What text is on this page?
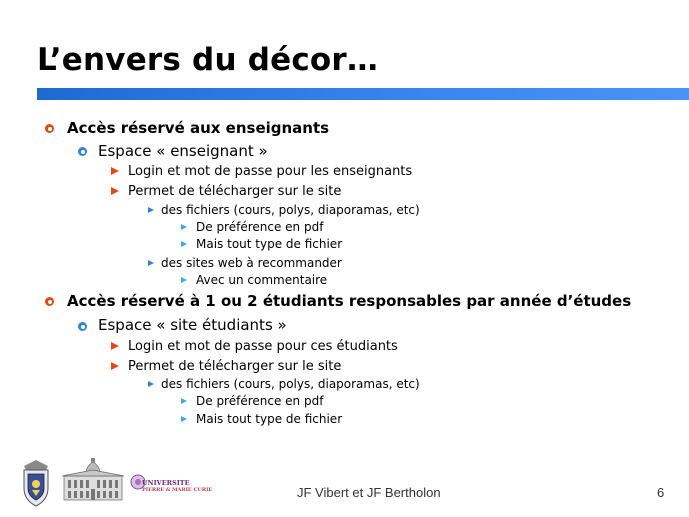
L’envers du décor…
Accès réservé aux enseignants
Espace « enseignant »
Login et mot de passe pour les enseignants
Permet de télécharger sur le site
des fichiers (cours, polys, diaporamas, etc)
De préférence en pdf
Mais tout type de fichier
des sites web à recommander
Avec un commentaire
Accès réservé à 1 ou 2 étudiants responsables par année d’études
Espace « site étudiants »
Login et mot de passe pour ces étudiants
Permet de télécharger sur le site
des fichiers (cours, polys, diaporamas, etc)
De préférence en pdf
Mais tout type de fichier
UNIVERSITE
PIERRE & MARIE CURIE	JF Vibert et JF Bertholon	6
